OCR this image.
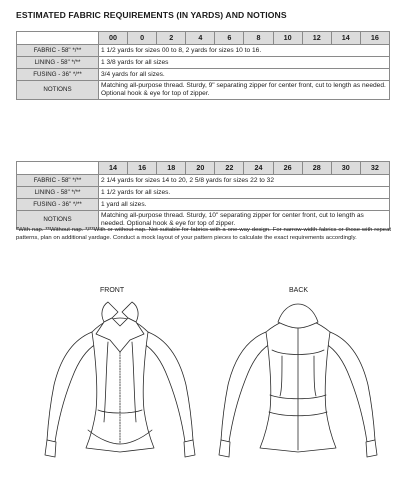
ESTIMATED FABRIC REQUIREMENTS (IN YARDS) AND NOTIONS
	00	0	2	4	6	8	10	12	14	16
FABRIC - 58" */**	1 1/2 yards for sizes 00 to 8, 2 yards for sizes 10 to 16.									
LINING - 58" */**	1 3/8 yards for all sizes									
FUSING - 36" */**	3/4 yards for all sizes.									
NOTIONS	Matching all-purpose thread. Sturdy, 9" separating zipper for center front, cut to length as needed. Optional hook & eye for top of zipper.									
	14	16	18	20	22	24	26	28	30	32
FABRIC - 58" */**	2 1/4 yards for sizes 14 to 20, 2 5/8 yards for sizes 22 to 32									
LINING - 58" */**	1 1/2 yards for all sizes.									
FUSING - 36" */**	1 yard all sizes.									
NOTIONS	Matching all-purpose thread. Sturdy, 10" separating zipper for center front, cut to length as needed. Optional hook & eye for top of zipper.									
*With nap. **Without nap. */**With or without nap. Not suitable for fabrics with a one-way design. For narrow-width fabrics or those with repeat patterns, plan on additional yardage. Conduct a mock layout of your pattern pieces to calculate the exact requirements accordingly.
FRONT	BACK
